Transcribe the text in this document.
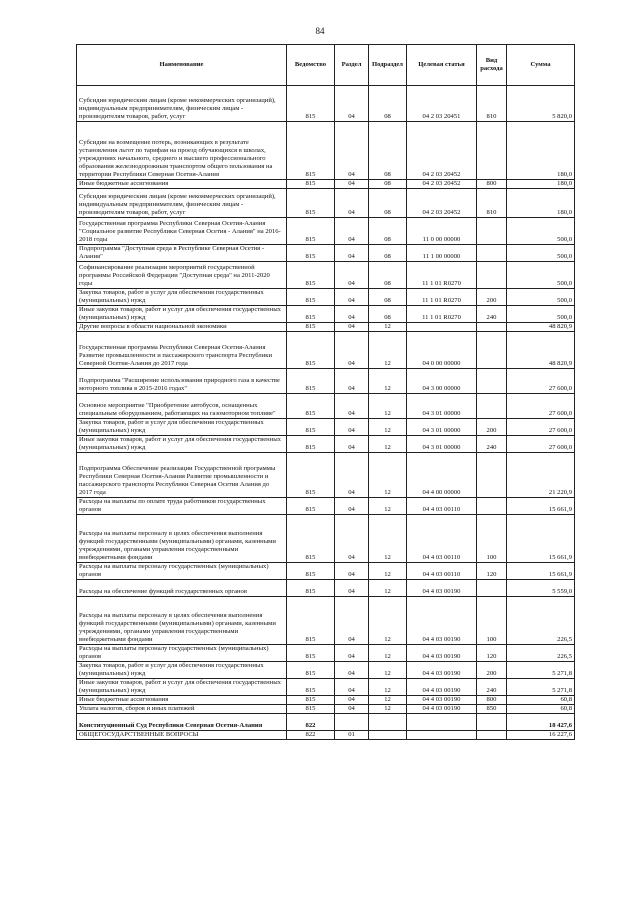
84
Наименование	Ведомство	Раздел	Подраздел	Целевая статья	Вид расхода	Сумма
Субсидии юридическим лицам (кроме некоммерческих организаций), индивидуальным предпринимателям, физическим лицам - производителям товаров, работ, услуг	815	04	08	04 2 03 20451	810	5 820,0
Субсидии на возмещение потерь, возникающих в результате установления льгот по тарифам на проезд обучающихся в школах, учреждениях начального, среднего и высшего профессионального образования железнодорожным транспортом общего пользования на территории Республики Северная Осетия-Алания	815	04	08	04 2 03 20452		180,0
Иные бюджетные ассигнования	815	04	08	04 2 03 20452	800	180,0
Субсидии юридическим лицам (кроме некоммерческих организаций), индивидуальным предпринимателям, физическим лицам - производителям товаров, работ, услуг	815	04	08	04 2 03 20452	810	180,0
Государственная программа Республики Северная Осетия-Алания "Социальное развитие Республики Северная Осетия - Алания" на 2016-2018 годы	815	04	08	11 0 00 00000		500,0
Подпрограмма "Доступная среда в Республике Северная Осетия - Алания"	815	04	08	11 1 00 00000		500,0
Софинансирование реализации мероприятий государственной программы Российской Федерации "Доступная среда" на 2011-2020 годы	815	04	08	11 1 01 R0270		500,0
Закупка товаров, работ и услуг для обеспечения государственных (муниципальных) нужд	815	04	08	11 1 01 R0270	200	500,0
Иные закупки товаров, работ и услуг для обеспечения государственных (муниципальных) нужд	815	04	08	11 1 01 R0270	240	500,0
Другие вопросы в области национальной экономики	815	04	12			48 820,9
Государственная программа Республики Северная Осетия-Алания Развитие промышленности и пассажирского транспорта Республики Северной Осетия-Алания до 2017 года	815	04	12	04 0 00 00000		48 820,9
Подпрограмма "Расширение использования природного газа в качестве моторного топлива в 2015-2016 годах"	815	04	12	04 3 00 00000		27 600,0
Основное мероприятие "Приобретение автобусов, оснащенных специальным оборудованием, работающих на газомоторном топливе"	815	04	12	04 3 01 00000		27 600,0
Закупка товаров, работ и услуг для обеспечения государственных (муниципальных) нужд	815	04	12	04 3 01 00000	200	27 600,0
Иные закупки товаров, работ и услуг для обеспечения государственных (муниципальных) нужд	815	04	12	04 3 01 00000	240	27 600,0
Подпрограмма Обеспечение реализации Государственной программы Республики Северная Осетия-Алания Развитие промышленности и пассажирского транспорта Республики Северная Осетия Алания до 2017 года	815	04	12	04 4 00 00000		21 220,9
Расходы на выплаты по оплате труда работников государственных органов	815	04	12	04 4 03 00110		15 661,9
Расходы на выплаты персоналу в целях обеспечения выполнения функций государственными (муниципальными) органами, казенными учреждениями, органами управления государственными внебюджетными фондами	815	04	12	04 4 03 00110	100	15 661,9
Расходы на выплаты персоналу государственных (муниципальных) органов	815	04	12	04 4 03 00110	120	15 661,9
Расходы на обеспечение функций государственных органов	815	04	12	04 4 03 00190		5 559,0
Расходы на выплаты персоналу в целях обеспечения выполнения функций государственными (муниципальными) органами, казенными учреждениями, органами управления государственными внебюджетными фондами	815	04	12	04 4 03 00190	100	226,5
Расходы на выплаты персоналу государственных (муниципальных) органов	815	04	12	04 4 03 00190	120	226,5
Закупка товаров, работ и услуг для обеспечения государственных (муниципальных) нужд	815	04	12	04 4 03 00190	200	5 271,8
Иные закупки товаров, работ и услуг для обеспечения государственных (муниципальных) нужд	815	04	12	04 4 03 00190	240	5 271,8
Иные бюджетные ассигнования	815	04	12	04 4 03 00190	800	60,8
Уплата налогов, сборов и иных платежей	815	04	12	04 4 03 00190	850	60,8
Конституционный Суд Республики Северная Осетия-Алания	822					18 427,6
ОБЩЕГОСУДАРСТВЕННЫЕ ВОПРОСЫ	822	01				16 227,6
